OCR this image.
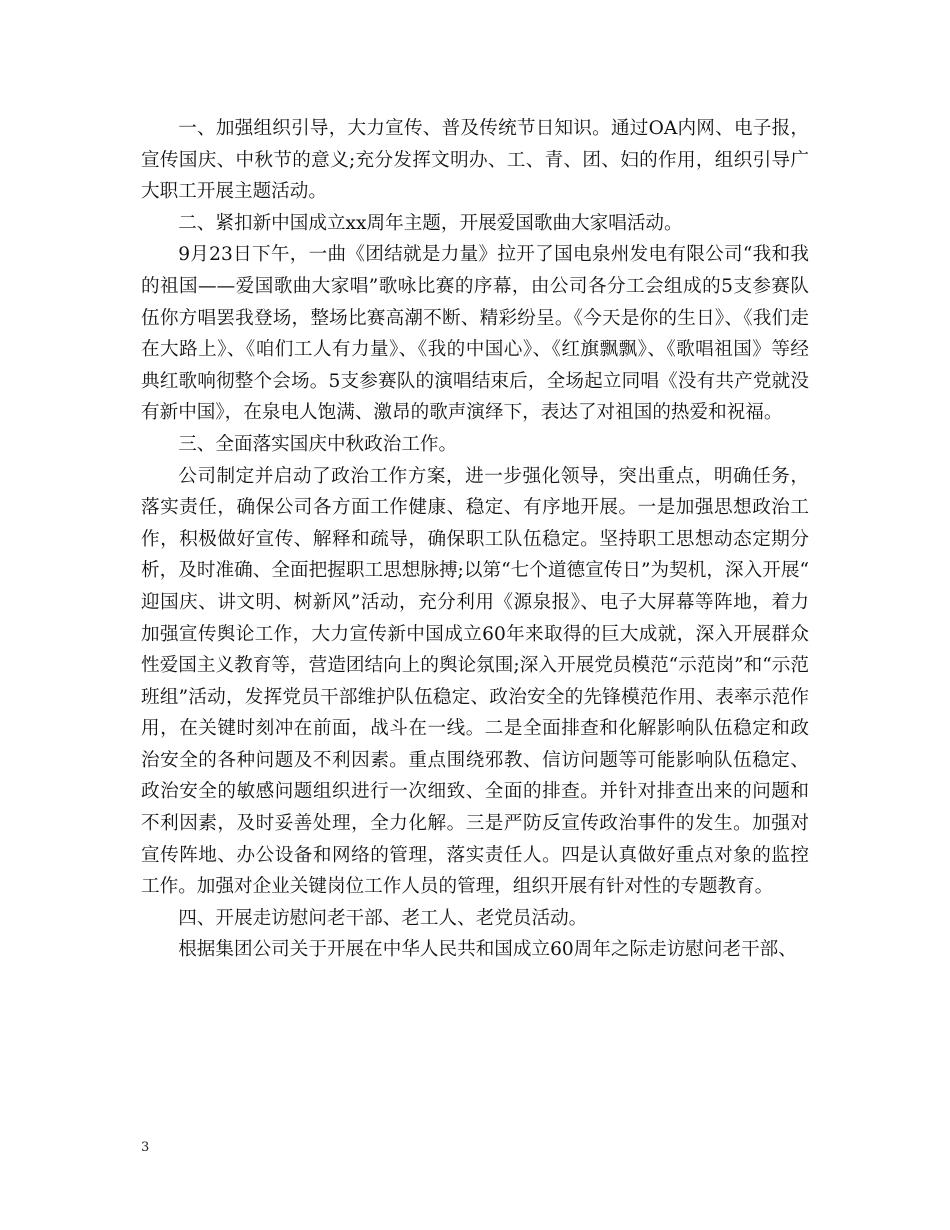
一、加强组织引导，大力宣传、普及传统节日知识。通过OA内网、电子报，宣传国庆、中秋节的意义;充分发挥文明办、工、青、团、妇的作用，组织引导广大职工开展主题活动。

二、紧扣新中国成立xx周年主题，开展爱国歌曲大家唱活动。

9月23日下午，一曲《团结就是力量》拉开了国电泉州发电有限公司“我和我的祖国——爱国歌曲大家唱”歌咏比赛的序幕，由公司各分工会组成的5支参赛队伍你方唱罢我登场，整场比赛高潮不断、精彩纷呈。《今天是你的生日》、《我们走在大路上》、《咱们工人有力量》、《我的中国心》、《红旗飘飘》、《歌唱祖国》等经典红歌响彻整个会场。5支参赛队的演唱结束后，全场起立同唱《没有共产党就没有新中国》，在泉电人饱满、激昂的歌声演绎下，表达了对祖国的热爱和祝福。

三、全面落实国庆中秋政治工作。

公司制定并启动了政治工作方案，进一步强化领导，突出重点，明确任务，落实责任，确保公司各方面工作健康、稳定、有序地开展。一是加强思想政治工作，积极做好宣传、解释和疏导，确保职工队伍稳定。坚持职工思想动态定期分析，及时准确、全面把握职工思想脉搏;以第“七个道德宣传日”为契机，深入开展“迎国庆、讲文明、树新风”活动，充分利用《源泉报》、电子大屏幕等阵地，着力加强宣传舆论工作，大力宣传新中国成立60年来取得的巨大成就，深入开展群众性爱国主义教育等，营造团结向上的舆论氛围;深入开展党员模范“示范岗”和“示范班组”活动，发挥党员干部维护队伍稳定、政治安全的先锋模范作用、表率示范作用，在关键时刻冲在前面，战斗在一线。二是全面排查和化解影响队伍稳定和政治安全的各种问题及不利因素。重点围绕邪教、信访问题等可能影响队伍稳定、政治安全的敏感问题组织进行一次细致、全面的排查。并针对排查出来的问题和不利因素，及时妥善处理，全力化解。三是严防反宣传政治事件的发生。加强对宣传阵地、办公设备和网络的管理，落实责任人。四是认真做好重点对象的监控工作。加强对企业关键岗位工作人员的管理，组织开展有针对性的专题教育。

四、开展走访慰问老干部、老工人、老党员活动。

根据集团公司关于开展在中华人民共和国成立60周年之际走访慰问老干部、

3
